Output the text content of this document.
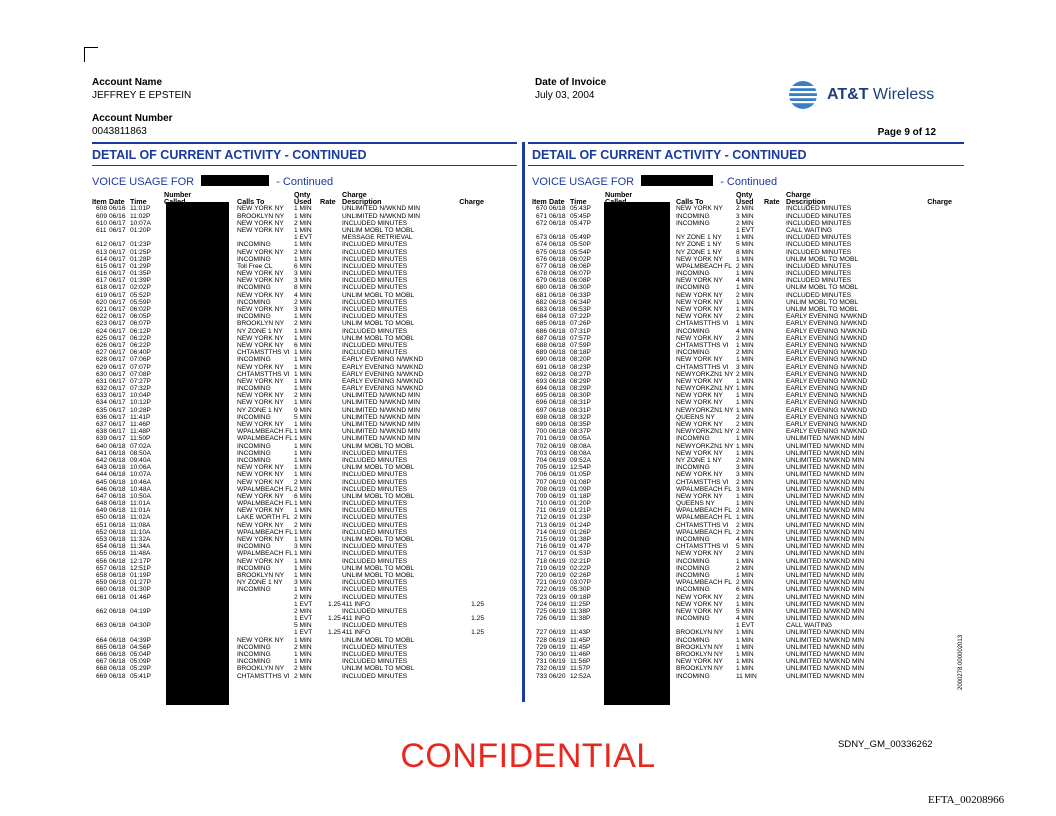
Account Name
JEFFREY E EPSTEIN
Account Number
0043811863
Date of Invoice
July 03, 2004	AT&T Wireless
Page 9 of 12
DETAIL OF CURRENT ACTIVITY - CONTINUED	DETAIL OF CURRENT ACTIVITY - CONTINUED
VOICE USAGE FOR	- Continued	VOICE USAGE FOR	- Continued
Number	Qnty	Charge
Item Date Time Called	Calls To	Used Rate Description	Charge
608 06/16 11:01P	NEW YORK NY 1 MIN	UNLIMITED N/WKND MIN
609 06/16 11:02P	BROOKLYN NY 1 MIN	UNLIMITED N/WKND MIN
610 06/17 10:07A	NEW YORK NY 2 MIN	INCLUDED MINUTES
611 06/17 01:20P	NEW YORK NY 1 MIN	UNLIM MOBL TO MOBL
1 EVT	MESSAGE RETRIEVAL
612 06/17 01:23P	INCOMING	1 MIN	INCLUDED MINUTES
613 06/17 01:25P	NEW YORK NY 2 MIN	INCLUDED MINUTES
614 06/17 01:28P	INCOMING	1 MIN	INCLUDED MINUTES
615 06/17 01:29P	Toll Free CL	6 MIN	INCLUDED MINUTES
616 06/17 01:35P	NEW YORK NY 3 MIN	INCLUDED MINUTES
617 06/17 01:39P	NEW YORK NY 3 MIN	INCLUDED MINUTES
618 06/17 02:02P	INCOMING	8 MIN	INCLUDED MINUTES
619 06/17 05:52P	NEW YORK NY 4 MIN	UNLIM MOBL TO MOBL
620 06/17 05:59P	INCOMING	2 MIN	INCLUDED MINUTES
621 06/17 06:02P	NEW YORK NY 3 MIN	INCLUDED MINUTES
622 06/17 06:05P	INCOMING	1 MIN	INCLUDED MINUTES
623 06/17 06:07P	BROOKLYN NY 2 MIN	UNLIM MOBL TO MOBL
624 06/17 06:12P	NY ZONE 1 NY 1 MIN	INCLUDED MINUTES
625 06/17 06:22P	NEW YORK NY 1 MIN	UNLIM MOBL TO MOBL
626 06/17 06:22P	NEW YORK NY 6 MIN	INCLUDED MINUTES
627 06/17 06:40P	CHTAMSTTHS VI 1 MIN	INCLUDED MINUTES
628 06/17 07:06P	INCOMING	1 MIN	EARLY EVENING N/WKND
629 06/17 07:07P	NEW YORK NY 1 MIN	EARLY EVENING N/WKND
630 06/17 07:08P	CHTAMSTTHS VI 1 MIN	EARLY EVENING N/WKND
631 06/17 07:27P	NEW YORK NY 1 MIN	EARLY EVENING N/WKND
632 06/17 07:32P	INCOMING	1 MIN	EARLY EVENING N/WKND
633 06/17 10:04P	NEW YORK NY 2 MIN	UNLIMITED N/WKND MIN
634 06/17 10:12P	NEW YORK NY 1 MIN	UNLIMITED N/WKND MIN
635 06/17 10:28P	NY ZONE 1 NY 9 MIN	UNLIMITED N/WKND MIN
636 06/17 11:41P	INCOMING	5 MIN	UNLIMITED N/WKND MIN
637 06/17 11:46P	NEW YORK NY 1 MIN	UNLIMITED N/WKND MIN
638 06/17 11:48P	WPALMBEACH FL 1 MIN	UNLIMITED N/WKND MIN
639 06/17 11:50P	WPALMBEACH FL 1 MIN	UNLIMITED N/WKND MIN
640 06/18 07:02A	INCOMING	1 MIN	UNLIM MOBL TO MOBL
641 06/18 08:50A	INCOMING	1 MIN	INCLUDED MINUTES
642 06/18 09:40A	INCOMING	1 MIN	INCLUDED MINUTES
643 06/18 10:06A	NEW YORK NY 1 MIN	UNLIM MOBL TO MOBL
644 06/18 10:07A	NEW YORK NY 1 MIN	INCLUDED MINUTES
645 06/18 10:46A	NEW YORK NY 2 MIN	INCLUDED MINUTES
646 06/18 10:48A	WPALMBEACH FL 2 MIN	INCLUDED MINUTES
647 06/18 10:50A	NEW YORK NY 6 MIN	UNLIM MOBL TO MOBL
648 06/18 11:01A	WPALMBEACH FL 1 MIN	INCLUDED MINUTES
649 06/18 11:01A	NEW YORK NY 1 MIN	INCLUDED MINUTES
650 06/18 11:02A	LAKE WORTH FL 2 MIN	INCLUDED MINUTES
651 06/18 11:08A	NEW YORK NY 2 MIN	INCLUDED MINUTES
652 06/18 11:10A	WPALMBEACH FL 1 MIN	INCLUDED MINUTES
653 06/18 11:32A	NEW YORK NY 1 MIN	UNLIM MOBL TO MOBL
654 06/18 11:34A	INCOMING	3 MIN	INCLUDED MINUTES
655 06/18 11:48A	WPALMBEACH FL 1 MIN	INCLUDED MINUTES
656 06/18 12:17P	NEW YORK NY 1 MIN	INCLUDED MINUTES
657 06/18 12:51P	INCOMING	1 MIN	UNLIM MOBL TO MOBL
658 06/18 01:19P	BROOKLYN NY 1 MIN	UNLIM MOBL TO MOBL
659 06/18 01:27P	NY ZONE 1 NY 3 MIN	INCLUDED MINUTES
660 06/18 01:30P	INCOMING	1 MIN	INCLUDED MINUTES
661 06/18 01:46P	2 MIN	INCLUDED MINUTES
1 EVT 1.25 411 INFO	1.25
662 06/18 04:19P	2 MIN	INCLUDED MINUTES
1 EVT 1.25 411 INFO	1.25
663 06/18 04:30P	5 MIN	INCLUDED MINUTES
1 EVT 1.25 411 INFO	1.25
664 06/18 04:39P	NEW YORK NY 1 MIN	UNLIM MOBL TO MOBL
665 06/18 04:56P	INCOMING	2 MIN	INCLUDED MINUTES
666 06/18 05:04P	INCOMING	1 MIN	INCLUDED MINUTES
667 06/18 05:09P	INCOMING	1 MIN	INCLUDED MINUTES
668 06/18 05:29P	BROOKLYN NY 2 MIN	UNLIM MOBL TO MOBL
669 06/18 05:41P	CHTAMSTTHS VI 2 MIN	INCLUDED MINUTES
Number	Qnty	Charge
Item Date Time	Called	Calls To	Used Rate Description	Charge
670 06/18 05:43P	NEW YORK NY 2 MIN	INCLUDED MINUTES
671 06/18 05:45P	INCOMING	3 MIN	INCLUDED MINUTES
672 06/18 05:47P	INCOMING	2 MIN	INCLUDED MINUTES
1 EVT	CALL WAITING
673 06/18 05:49P	NY ZONE 1 NY 1 MIN	INCLUDED MINUTES
674 06/18 05:50P	NY ZONE 1 NY 5 MIN	INCLUDED MINUTES
675 06/18 05:54P	NY ZONE 1 NY 8 MIN	INCLUDED MINUTES
676 06/18 06:02P	NEW YORK NY 1 MIN	UNLIM MOBL TO MOBL
677 06/18 06:06P	WPALMBEACH FL 2 MIN	INCLUDED MINUTES
678 06/18 06:07P	INCOMING	1 MIN	INCLUDED MINUTES
679 06/18 06:08P	NEW YORK NY 4 MIN	INCLUDED MINUTES
680 06/18 06:30P	INCOMING	1 MIN	UNLIM MOBL TO MOBL
681 06/18 06:33P	NEW YORK NY 2 MIN	INCLUDED MINUTES
682 06/18 06:34P	NEW YORK NY 1 MIN	UNLIM MOBL TO MOBL
683 06/18 06:53P	NEW YORK NY 1 MIN	UNLIM MOBL TO MOBL
684 06/18 07:22P	NEW YORK NY 2 MIN	EARLY EVENING N/WKND
685 06/18 07:26P	CHTAMSTTHS VI 1 MIN	EARLY EVENING N/WKND
686 06/18 07:31P	INCOMING	4 MIN	EARLY EVENING N/WKND
687 06/18 07:57P	NEW YORK NY 2 MIN	EARLY EVENING N/WKND
688 06/18 07:59P	CHTAMSTTHS VI 1 MIN	EARLY EVENING N/WKND
689 06/18 08:18P	INCOMING	2 MIN	EARLY EVENING N/WKND
690 06/18 08:20P	NEW YORK NY 1 MIN	EARLY EVENING N/WKND
691 06/18 08:23P	CHTAMSTTHS VI 3 MIN	EARLY EVENING N/WKND
692 06/18 08:27P	NEWYORKZN1 NY 2 MIN	EARLY EVENING N/WKND
693 06/18 08:29P	NEW YORK NY 1 MIN	EARLY EVENING N/WKND
694 06/18 08:29P	NEWYORKZN1 NY 1 MIN	EARLY EVENING N/WKND
695 06/18 08:30P	NEW YORK NY 1 MIN	EARLY EVENING N/WKND
696 06/18 08:31P	NEW YORK NY 1 MIN	EARLY EVENING N/WKND
697 06/18 08:31P	NEWYORKZN1 NY 1 MIN	EARLY EVENING N/WKND
698 06/18 08:32P	QUEENS NY	2 MIN	EARLY EVENING N/WKND
699 06/18 08:35P	NEW YORK NY 2 MIN	EARLY EVENING N/WKND
700 06/18 08:37P	NEWYORKZN1 NY 2 MIN	EARLY EVENING N/WKND
701 06/19 08:05A	INCOMING	1 MIN	UNLIMITED N/WKND MIN
702 06/19 08:08A	NEWYORKZN1 NY 1 MIN	UNLIMITED N/WKND MIN
703 06/19 08:08A	NEW YORK NY 1 MIN	UNLIMITED N/WKND MIN
704 06/19 09:52A	NY ZONE 1 NY 2 MIN	UNLIMITED N/WKND MIN
705 06/19 12:54P	INCOMING	3 MIN	UNLIMITED N/WKND MIN
706 06/19 01:05P	NEW YORK NY 3 MIN	UNLIMITED N/WKND MIN
707 06/19 01:08P	CHTAMSTTHS VI 2 MIN	UNLIMITED N/WKND MIN
708 06/19 01:09P	WPALMBEACH FL 3 MIN	UNLIMITED N/WKND MIN
709 06/19 01:18P	NEW YORK NY 1 MIN	UNLIMITED N/WKND MIN
710 06/19 01:20P	QUEENS NY	1 MIN	UNLIMITED N/WKND MIN
711 06/19 01:21P	WPALMBEACH FL 2 MIN	UNLIMITED N/WKND MIN
712 06/19 01:23P	WPALMBEACH FL 1 MIN	UNLIMITED N/WKND MIN
713 06/19 01:24P	CHTAMSTTHS VI 2 MIN	UNLIMITED N/WKND MIN
714 06/19 01:26P	WPALMBEACH FL 2 MIN	UNLIMITED N/WKND MIN
715 06/19 01:38P	INCOMING	4 MIN	UNLIMITED N/WKND MIN
716 06/19 01:47P	CHTAMSTTHS VI 5 MIN	UNLIMITED N/WKND MIN
717 06/19 01:53P	NEW YORK NY 2 MIN	UNLIMITED N/WKND MIN
718 06/19 02:21P	INCOMING	1 MIN	UNLIMITED N/WKND MIN
719 06/19 02:22P	INCOMING	2 MIN	UNLIMITED N/WKND MIN
720 06/19 02:26P	INCOMING	1 MIN	UNLIMITED N/WKND MIN
721 06/19 03:07P	WPALMBEACH FL 2 MIN	UNLIMITED N/WKND MIN
722 06/19 05:30P	INCOMING	6 MIN	UNLIMITED N/WKND MIN
723 06/19 09:18P	NEW YORK NY 2 MIN	UNLIMITED N/WKND MIN
724 06/19 11:25P	NEW YORK NY 1 MIN	UNLIMITED N/WKND MIN
725 06/19 11:38P	NEW YORK NY 5 MIN	UNLIMITED N/WKND MIN
726 06/19 11:38P	INCOMING	4 MIN	UNLIMITED N/WKND MIN
1 EVT	CALL WAITING
727 06/19 11:43P	BROOKLYN NY 1 MIN	UNLIMITED N/WKND MIN
728 06/19 11:45P	INCOMING	1 MIN	UNLIMITED N/WKND MIN
729 06/19 11:45P	BROOKLYN NY 1 MIN	UNLIMITED N/WKND MIN
730 06/19 11:46P	BROOKLYN NY 1 MIN	UNLIMITED N/WKND MIN
731 06/19 11:56P	NEW YORK NY 1 MIN	UNLIMITED N/WKND MIN
732 06/19 11:57P	BROOKLYN NY 1 MIN	UNLIMITED N/WKND MIN
733 06/20 12:52A	INCOMING	11 MIN	UNLIMITED N/WKND MIN
CONFIDENTIAL	SDNY_GM_00336262
EFTA_00208966
2000278.000002013
